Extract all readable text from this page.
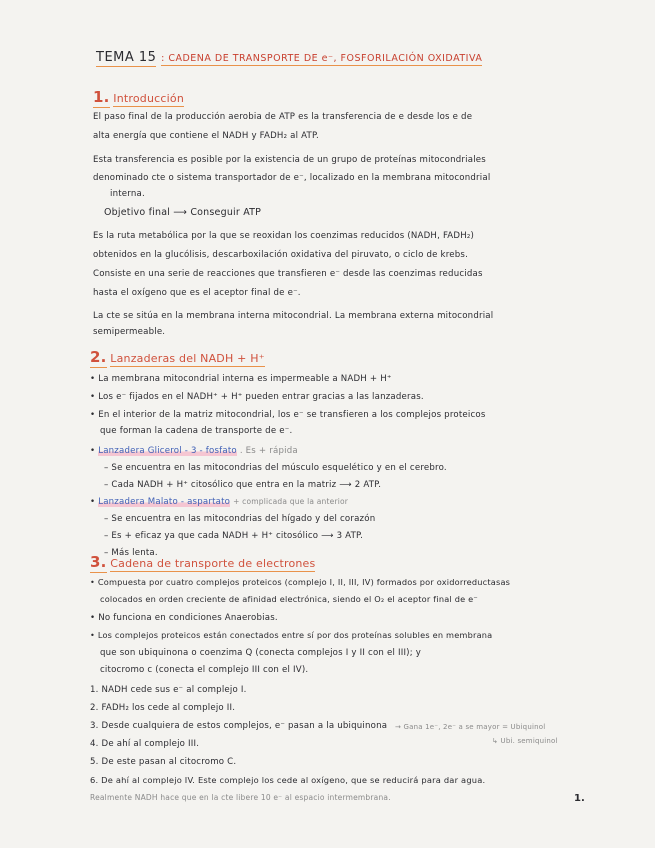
TEMA 15 : CADENA DE TRANSPORTE DE e⁻, FOSFORILACIÓN OXIDATIVA
1. Introducción
El paso final de la producción aerobia de ATP es la transferencia de e desde los e de
alta energía que contiene el NADH y FADH₂ al ATP.
Esta transferencia es posible por la existencia de un grupo de proteínas mitocondriales
denominado cte o sistema transportador de e⁻, localizado en la membrana mitocondrial
interna.
Objetivo final ⟶ Conseguir ATP
Es la ruta metabólica por la que se reoxidan los coenzimas reducidos (NADH, FADH₂)
obtenidos en la glucólisis, descarboxilación oxidativa del piruvato, o ciclo de krebs.
Consiste en una serie de reacciones que transfieren e⁻ desde las coenzimas reducidas
hasta el oxígeno que es el aceptor final de e⁻.
La cte se sitúa en la membrana interna mitocondrial. La membrana externa mitocondrial
semipermeable.
2. Lanzaderas del NADH + H⁺
• La membrana mitocondrial interna es impermeable a NADH + H⁺
• Los e⁻ fijados en el NADH⁺ + H⁺ pueden entrar gracias a las lanzaderas.
• En el interior de la matriz mitocondrial, los e⁻ se transfieren a los complejos proteicos
que forman la cadena de transporte de e⁻.
• Lanzadera Glicerol - 3 - fosfato . Es + rápida
– Se encuentra en las mitocondrias del músculo esquelético y en el cerebro.
– Cada NADH + H⁺ citosólico que entra en la matriz ⟶ 2 ATP.
• Lanzadera Malato - aspartato + complicada que la anterior
– Se encuentra en las mitocondrias del hígado y del corazón
– Es + eficaz ya que cada NADH + H⁺ citosólico ⟶ 3 ATP.
– Más lenta.
3. Cadena de transporte de electrones
• Compuesta por cuatro complejos proteicos (complejo I, II, III, IV) formados por oxidorreductasas
colocados en orden creciente de afinidad electrónica, siendo el O₂ el aceptor final de e⁻
• No funciona en condiciones Anaerobias.
• Los complejos proteicos están conectados entre sí por dos proteínas solubles en membrana
que son ubiquinona o coenzima Q (conecta complejos I y II con el III); y
citocromo c (conecta el complejo III con el IV).
1. NADH cede sus e⁻ al complejo I.
2. FADH₂ los cede al complejo II.
3. Desde cualquiera de estos complejos, e⁻ pasan a la ubiquinona → Gana 1e⁻, 2e⁻ a se mayor = Ubiquinol
4. De ahí al complejo III.	↳ Ubi. semiquinol
5. De este pasan al citocromo C.
6. De ahí al complejo IV. Este complejo los cede al oxígeno, que se reducirá para dar agua.
Realmente NADH hace que en la cte libere 10 e⁻ al espacio intermembrana.	1.
